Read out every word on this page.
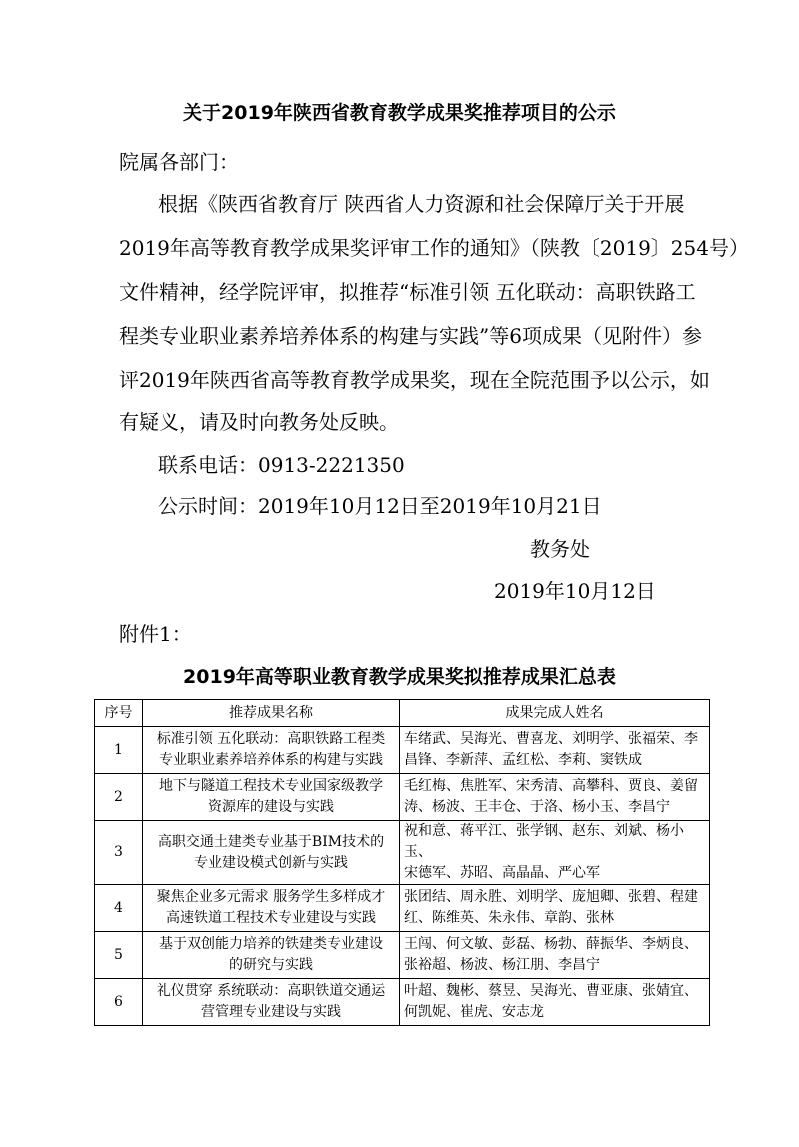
关于2019年陕西省教育教学成果奖推荐项目的公示
院属各部门：
根据《陕西省教育厅 陕西省人力资源和社会保障厅关于开展
2019年高等教育教学成果奖评审工作的通知》（陕教〔2019〕254号）
文件精神，经学院评审，拟推荐“标准引领 五化联动：高职铁路工
程类专业职业素养培养体系的构建与实践”等6项成果（见附件）参
评2019年陕西省高等教育教学成果奖，现在全院范围予以公示，如
有疑义，请及时向教务处反映。
联系电话：0913-2221350
公示时间：2019年10月12日至2019年10月21日
教务处
2019年10月12日
附件1：
2019年高等职业教育教学成果奖拟推荐成果汇总表
序号	推荐成果名称	成果完成人姓名
1	标准引领 五化联动：高职铁路工程类
专业职业素养培养体系的构建与实践	车绪武、吴海光、曹喜龙、刘明学、张福荣、李
昌锋、李新萍、孟红松、李莉、窦铁成
2	地下与隧道工程技术专业国家级教学
资源库的建设与实践	毛红梅、焦胜军、宋秀清、高攀科、贾良、姜留
涛、杨波、王丰仓、于洛、杨小玉、李昌宁
3	高职交通土建类专业基于BIM技术的
专业建设模式创新与实践	祝和意、蒋平江、张学钢、赵东、刘斌、杨小玉、
宋德军、苏昭、高晶晶、严心军
4	聚焦企业多元需求 服务学生多样成才
高速铁道工程技术专业建设与实践	张团结、周永胜、刘明学、庞旭卿、张碧、程建
红、陈维英、朱永伟、章韵、张林
5	基于双创能力培养的铁建类专业建设
的研究与实践	王闯、何文敏、彭磊、杨勃、薛振华、李炳良、
张裕超、杨波、杨江朋、李昌宁
6	礼仪贯穿 系统联动：高职铁道交通运
营管理专业建设与实践	叶超、魏彬、蔡昱、吴海光、曹亚康、张婧宜、
何凯妮、崔虎、安志龙
